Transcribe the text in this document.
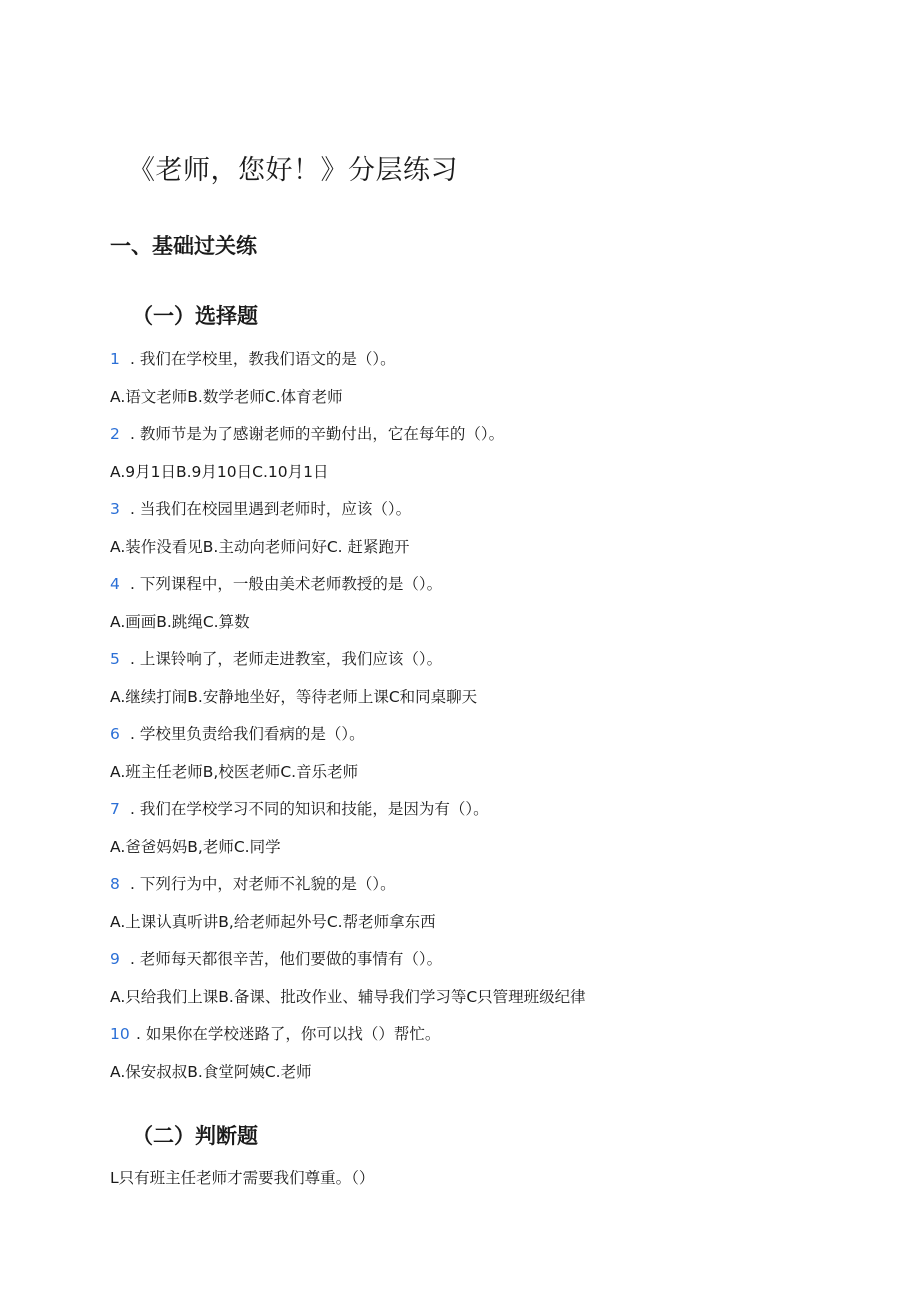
《老师，您好！》分层练习
一、基础过关练
（一）选择题
1 . 我们在学校里，教我们语文的是（）。
A.语文老师B.数学老师C.体育老师
2 . 教师节是为了感谢老师的辛勤付出，它在每年的（）。
A.9月1日B.9月10日C.10月1日
3 . 当我们在校园里遇到老师时，应该（）。
A.装作没看见B.主动向老师问好C. 赶紧跑开
4 . 下列课程中，一般由美术老师教授的是（）。
A.画画B.跳绳C.算数
5 . 上课铃响了，老师走进教室，我们应该（）。
A.继续打闹B.安静地坐好，等待老师上课C和同桌聊天
6 . 学校里负责给我们看病的是（）。
A.班主任老师B,校医老师C.音乐老师
7 . 我们在学校学习不同的知识和技能，是因为有（）。
A.爸爸妈妈B,老师C.同学
8 . 下列行为中，对老师不礼貌的是（）。
A.上课认真听讲B,给老师起外号C.帮老师拿东西
9 . 老师每天都很辛苦，他们要做的事情有（）。
A.只给我们上课B.备课、批改作业、辅导我们学习等C只管理班级纪律
10 . 如果你在学校迷路了，你可以找（）帮忙。
A.保安叔叔B.食堂阿姨C.老师
（二）判断题
L只有班主任老师才需要我们尊重。（）
